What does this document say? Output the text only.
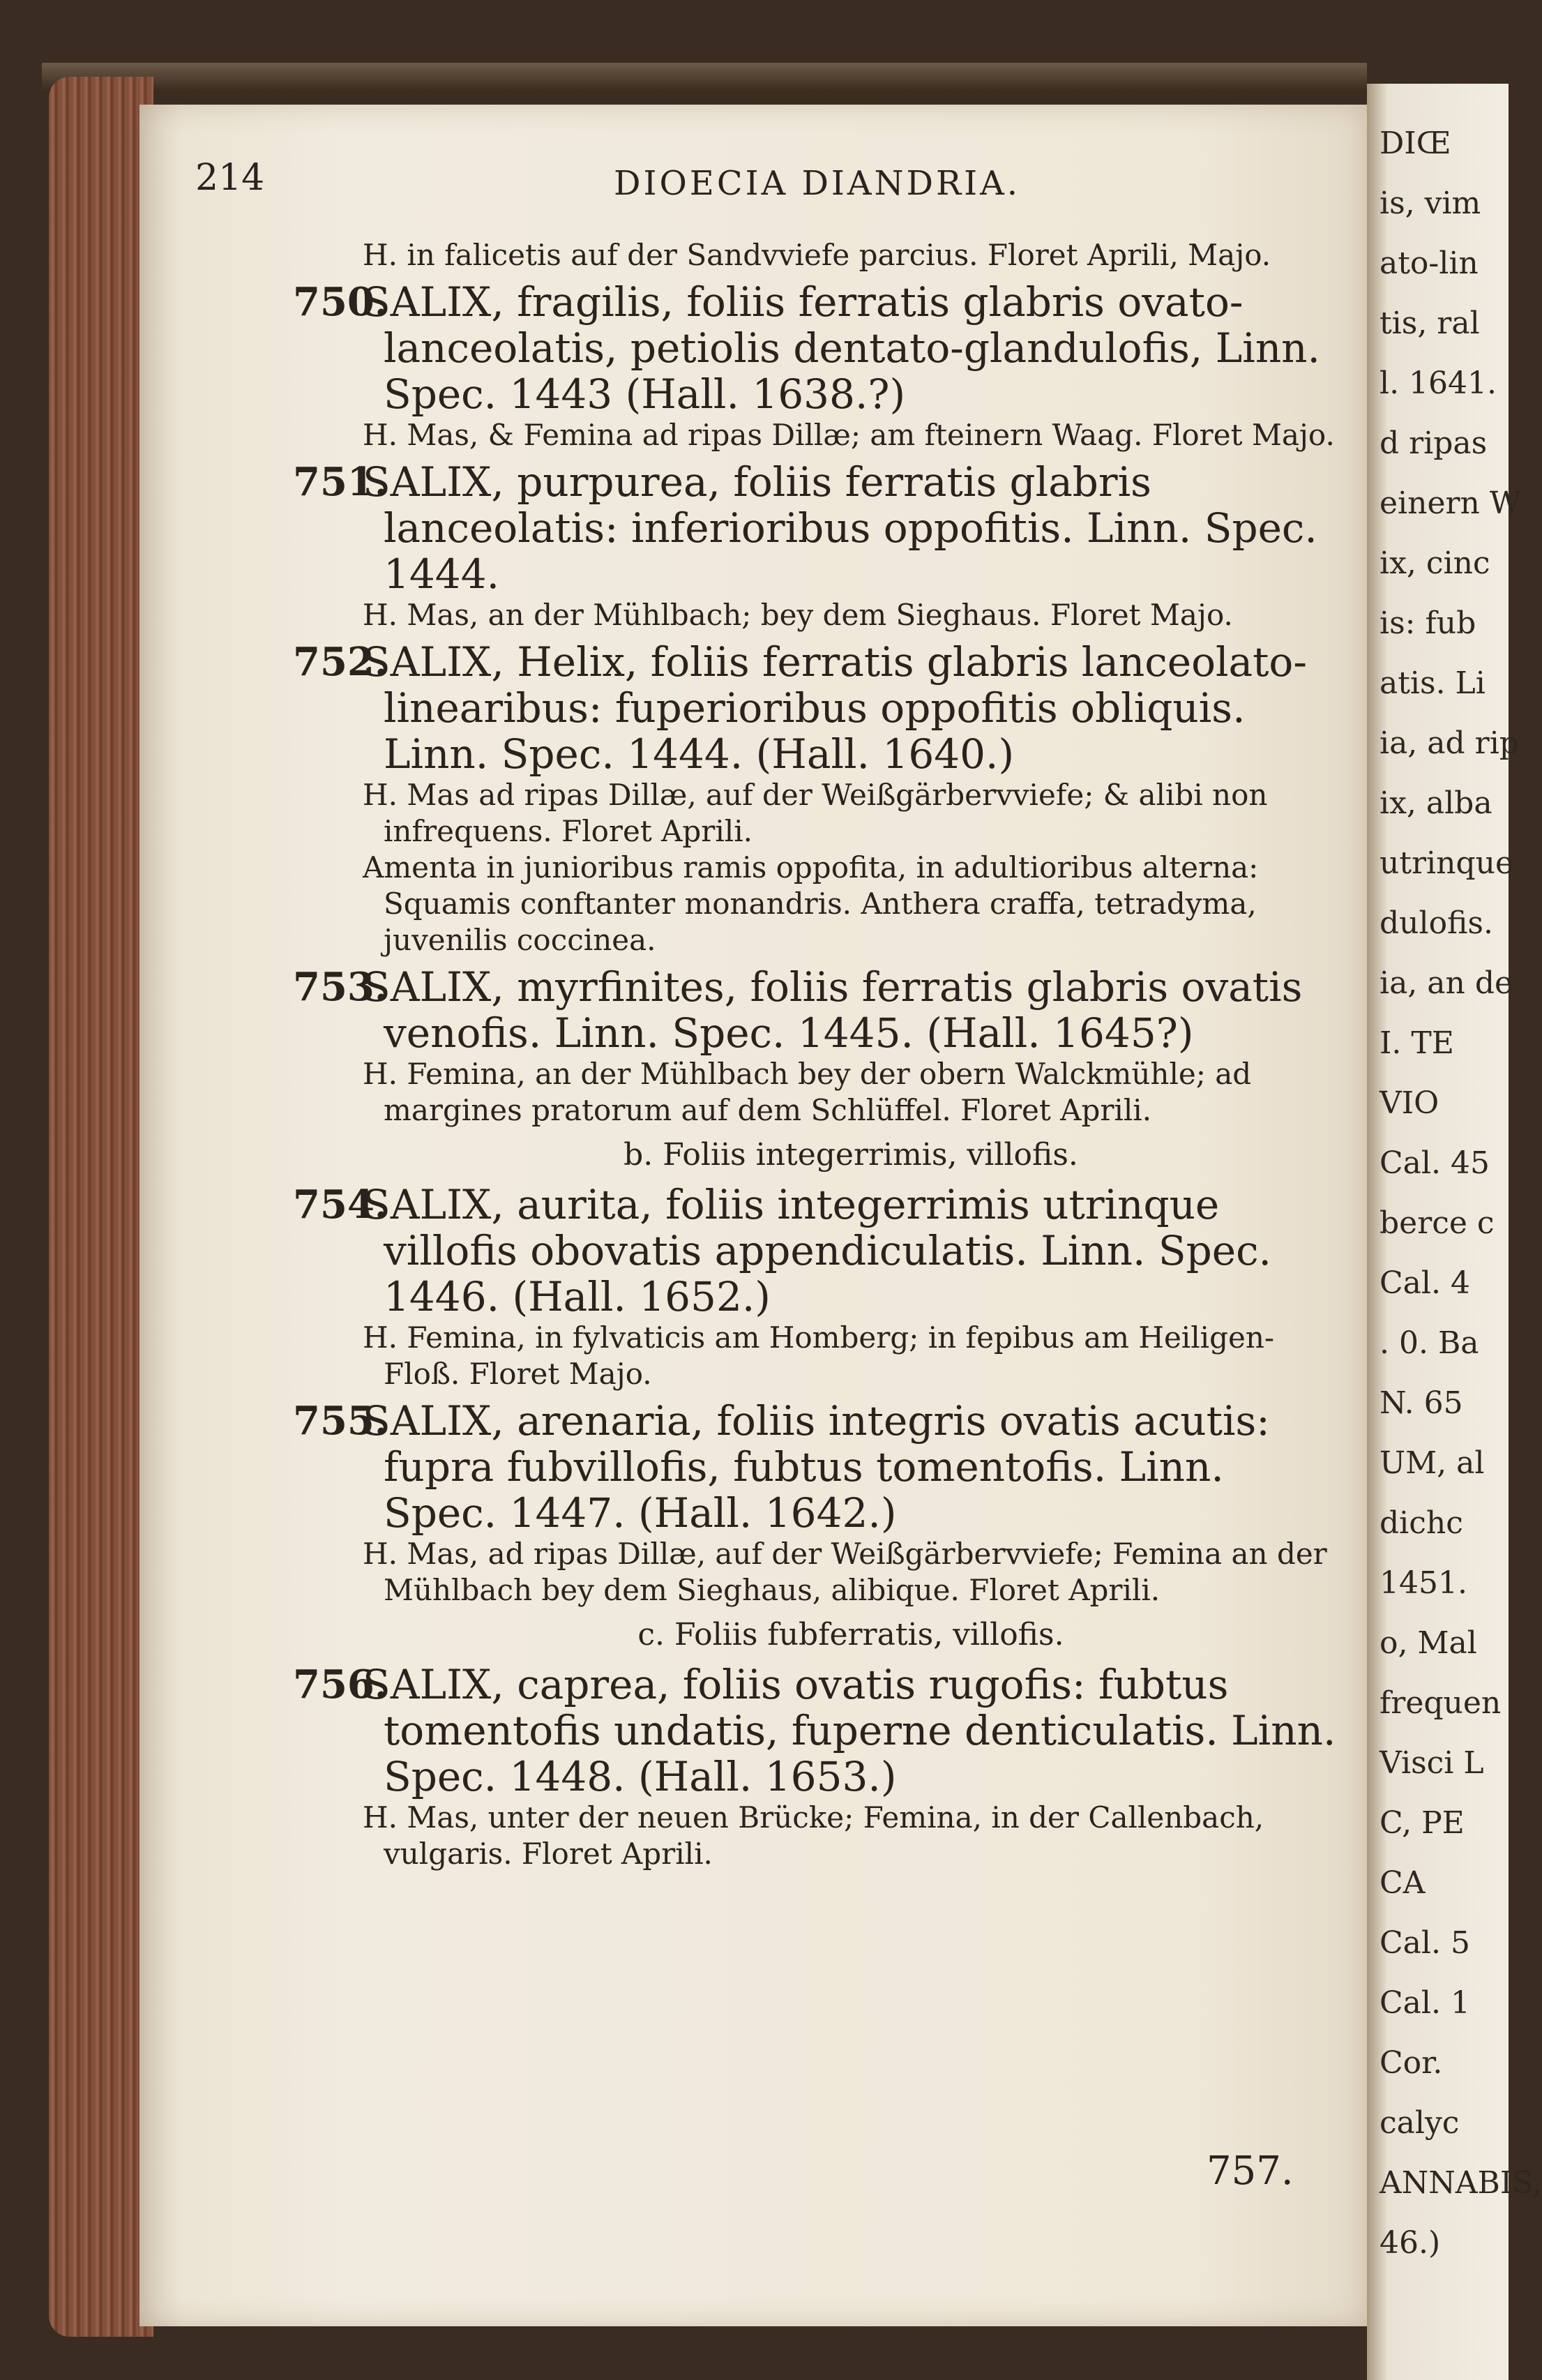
214	DIOECIA DIANDRIA.
H. in falicetis auf der Sandvviefe parcius. Floret Aprili, Majo.
750.
SALIX, fragilis, foliis ferratis glabris ovato-lanceolatis, petiolis dentato-glandulofis, Linn. Spec. 1443 (Hall. 1638.?)
H. Mas, & Femina ad ripas Dillæ; am fteinern Waag. Floret Majo.
751.
SALIX, purpurea, foliis ferratis glabris lanceolatis: inferioribus oppofitis. Linn. Spec. 1444.
H. Mas, an der Mühlbach; bey dem Sieghaus. Floret Majo.
752.
SALIX, Helix, foliis ferratis glabris lanceolato-linearibus: fuperioribus oppofitis obliquis. Linn. Spec. 1444. (Hall. 1640.)
H. Mas ad ripas Dillæ, auf der Weißgärbervviefe; & alibi non infrequens. Floret Aprili.
Amenta in junioribus ramis oppofita, in adultioribus alterna: Squamis conftanter monandris. Anthera craffa, tetradyma, juvenilis coccinea.
753.
SALIX, myrfinites, foliis ferratis glabris ovatis venofis. Linn. Spec. 1445. (Hall. 1645?)
H. Femina, an der Mühlbach bey der obern Walckmühle; ad margines pratorum auf dem Schlüffel. Floret Aprili.
b. Foliis integerrimis, villofis.
754.
SALIX, aurita, foliis integerrimis utrinque villofis obovatis appendiculatis. Linn. Spec. 1446. (Hall. 1652.)
H. Femina, in fylvaticis am Homberg; in fepibus am Heiligen-Floß. Floret Majo.
755.
SALIX, arenaria, foliis integris ovatis acutis: fupra fubvillofis, fubtus tomentofis. Linn. Spec. 1447. (Hall. 1642.)
H. Mas, ad ripas Dillæ, auf der Weißgärbervviefe; Femina an der Mühlbach bey dem Sieghaus, alibique. Floret Aprili.
c. Foliis fubferratis, villofis.
756.
SALIX, caprea, foliis ovatis rugofis: fubtus tomentofis undatis, fuperne denticulatis. Linn. Spec. 1448. (Hall. 1653.)
H. Mas, unter der neuen Brücke; Femina, in der Callenbach, vulgaris. Floret Aprili.
757.
DIŒ
is, vim
ato-lin
tis, ral
l. 1641.
d ripas
einern W
ix, cinc
is: fub
atis. Li
ia, ad rip
ix, alba
utrinque
dulofis.
ia, an de
I. TE
VIO
Cal. 45
berce c
Cal. 4
. 0. Ba
N. 65
UM, al
dichc
1451.
o, Mal
frequen
Visci L
C, PE
CA
Cal. 5
Cal. 1
Cor.
calyc
ANNABIS,
46.)
